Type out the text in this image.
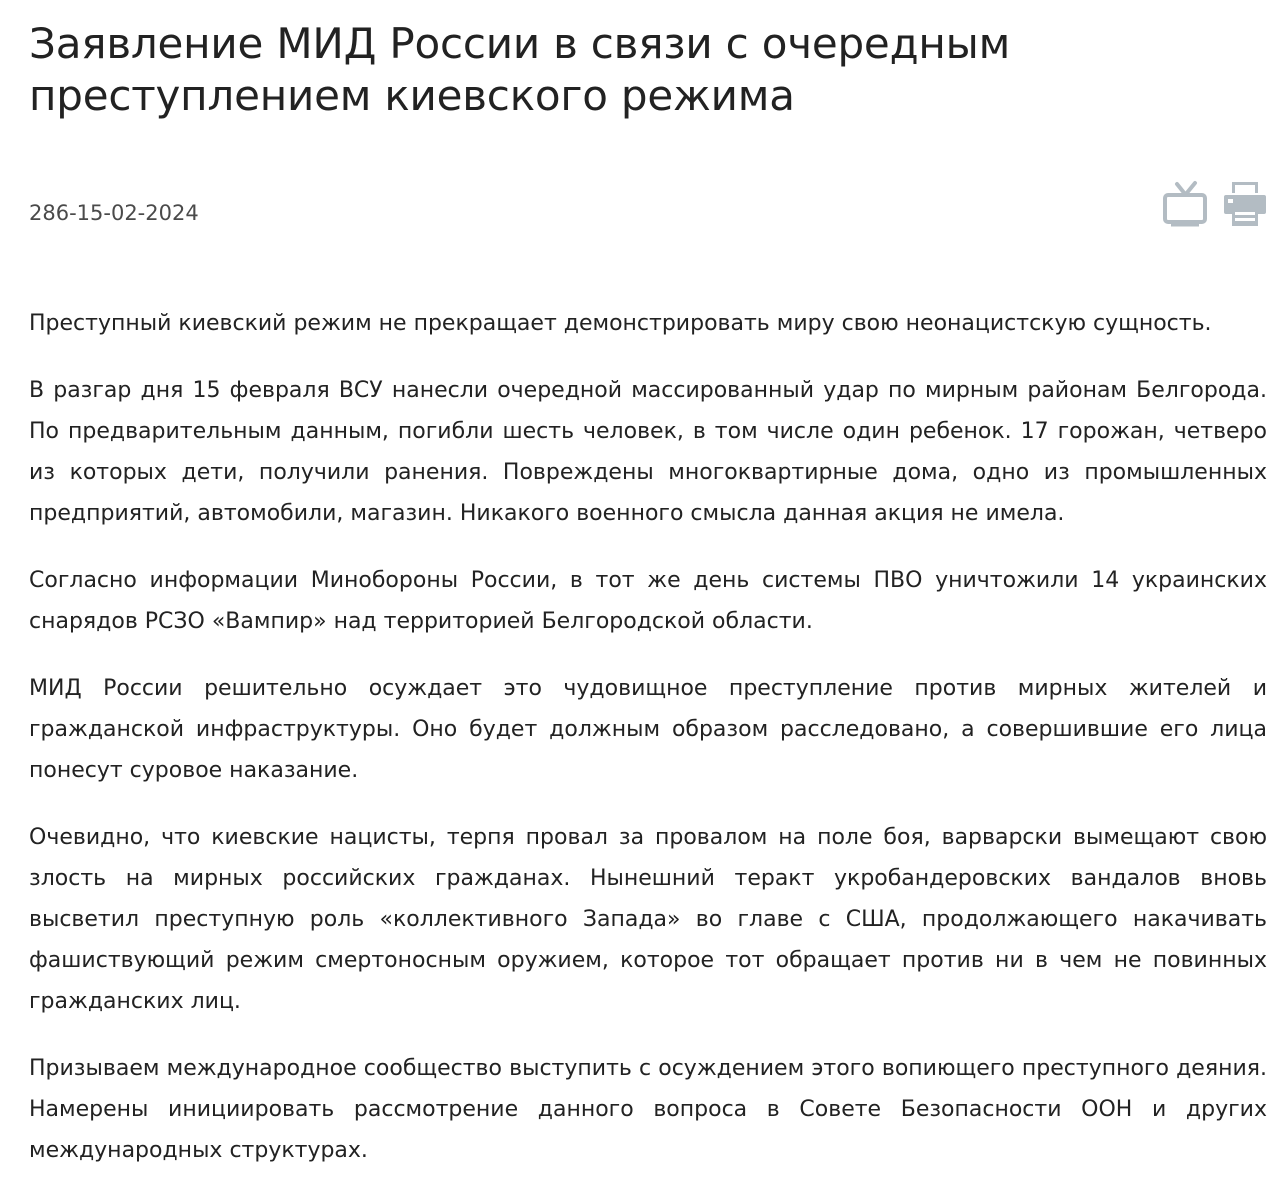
Заявление МИД России в связи с очередным преступлением киевского режима
286-15-02-2024

Преступный киевский режим не прекращает демонстрировать миру свою неонацистскую сущность.

В разгар дня 15 февраля ВСУ нанесли очередной массированный удар по мирным районам Белгорода. По предварительным данным, погибли шесть человек, в том числе один ребенок. 17 горожан, четверо из которых дети, получили ранения. Повреждены многоквартирные дома, одно из промышленных предприятий, автомобили, магазин. Никакого военного смысла данная акция не имела.

Согласно информации Минобороны России, в тот же день системы ПВО уничтожили 14 украинских снарядов РСЗО «Вампир» над территорией Белгородской области.

МИД России решительно осуждает это чудовищное преступление против мирных жителей и гражданской инфраструктуры. Оно будет должным образом расследовано, а совершившие его лица понесут суровое наказание.

Очевидно, что киевские нацисты, терпя провал за провалом на поле боя, варварски вымещают свою злость на мирных российских гражданах. Нынешний теракт укробандеровских вандалов вновь высветил преступную роль «коллективного Запада» во главе с США, продолжающего накачивать фашиствующий режим смертоносным оружием, которое тот обращает против ни в чем не повинных гражданских лиц.

Призываем международное сообщество выступить с осуждением этого вопиющего преступного деяния. Намерены инициировать рассмотрение данного вопроса в Совете Безопасности ООН и других международных структурах.
